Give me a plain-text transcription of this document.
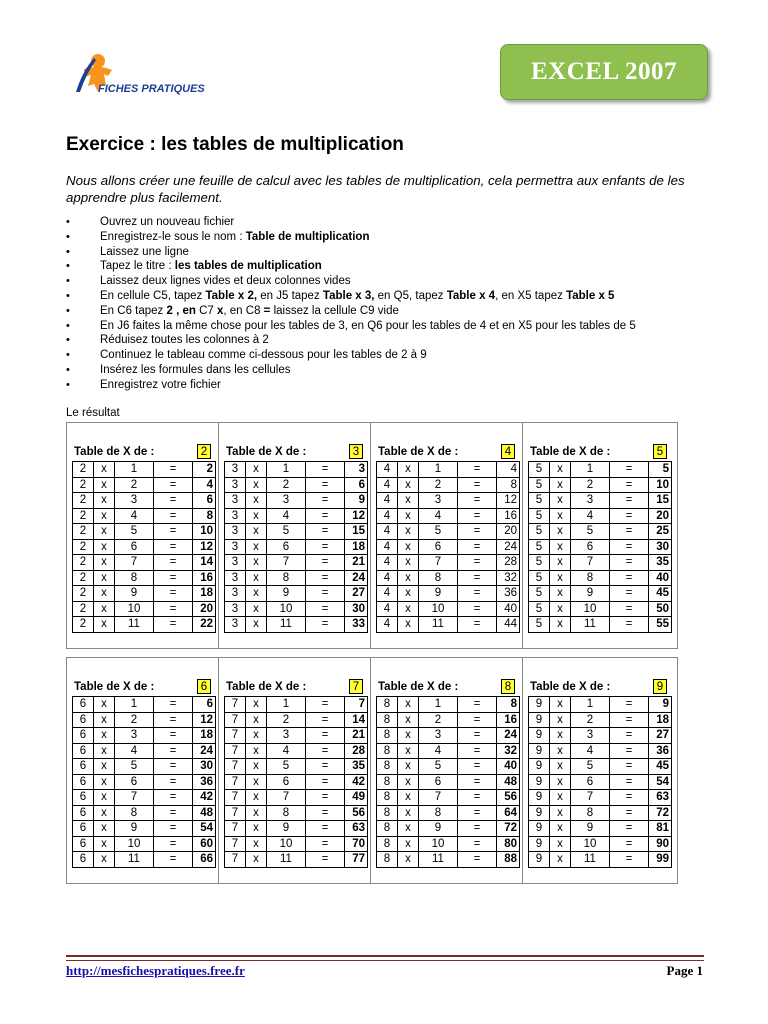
FICHES PRATIQUES
EXCEL 2007
Exercice : les tables de multiplication

Nous allons créer une feuille de calcul avec les tables de multiplication, cela permettra aux enfants de les apprendre plus facilement.

• Ouvrez un nouveau fichier
• Enregistrez-le sous le nom : Table de multiplication
• Laissez une ligne
• Tapez le titre : les tables de multiplication
• Laissez deux lignes vides et deux colonnes vides
• En cellule C5, tapez Table x 2, en J5 tapez Table x 3, en Q5, tapez Table x 4, en X5 tapez Table x 5
• En C6 tapez 2 , en C7 x, en C8 = laissez la cellule C9 vide
• En J6 faites la même chose pour les tables de 3, en Q6 pour les tables de 4 et en X5 pour les tables de 5
• Réduisez toutes les colonnes à 2
• Continuez le tableau comme ci-dessous pour les tables de 2 à 9
• Insérez les formules dans les cellules
• Enregistrez votre fichier
Le résultat
Table de X de :	2
2	x	1	=	2
2	x	2	=	4
2	x	3	=	6
2	x	4	=	8
2	x	5	=	10
2	x	6	=	12
2	x	7	=	14
2	x	8	=	16
2	x	9	=	18
2	x	10	=	20
2	x	11	=	22
Table de X de :	3
3	x	1	=	3
3	x	2	=	6
3	x	3	=	9
3	x	4	=	12
3	x	5	=	15
3	x	6	=	18
3	x	7	=	21
3	x	8	=	24
3	x	9	=	27
3	x	10	=	30
3	x	11	=	33
Table de X de :	4
4	x	1	=	4
4	x	2	=	8
4	x	3	=	12
4	x	4	=	16
4	x	5	=	20
4	x	6	=	24
4	x	7	=	28
4	x	8	=	32
4	x	9	=	36
4	x	10	=	40
4	x	11	=	44
Table de X de :	5
5	x	1	=	5
5	x	2	=	10
5	x	3	=	15
5	x	4	=	20
5	x	5	=	25
5	x	6	=	30
5	x	7	=	35
5	x	8	=	40
5	x	9	=	45
5	x	10	=	50
5	x	11	=	55
Table de X de :	6
6	x	1	=	6
6	x	2	=	12
6	x	3	=	18
6	x	4	=	24
6	x	5	=	30
6	x	6	=	36
6	x	7	=	42
6	x	8	=	48
6	x	9	=	54
6	x	10	=	60
6	x	11	=	66
Table de X de :	7
7	x	1	=	7
7	x	2	=	14
7	x	3	=	21
7	x	4	=	28
7	x	5	=	35
7	x	6	=	42
7	x	7	=	49
7	x	8	=	56
7	x	9	=	63
7	x	10	=	70
7	x	11	=	77
Table de X de :	8
8	x	1	=	8
8	x	2	=	16
8	x	3	=	24
8	x	4	=	32
8	x	5	=	40
8	x	6	=	48
8	x	7	=	56
8	x	8	=	64
8	x	9	=	72
8	x	10	=	80
8	x	11	=	88
Table de X de :	9
9	x	1	=	9
9	x	2	=	18
9	x	3	=	27
9	x	4	=	36
9	x	5	=	45
9	x	6	=	54
9	x	7	=	63
9	x	8	=	72
9	x	9	=	81
9	x	10	=	90
9	x	11	=	99
http://mesfichespratiques.free.fr	Page 1
